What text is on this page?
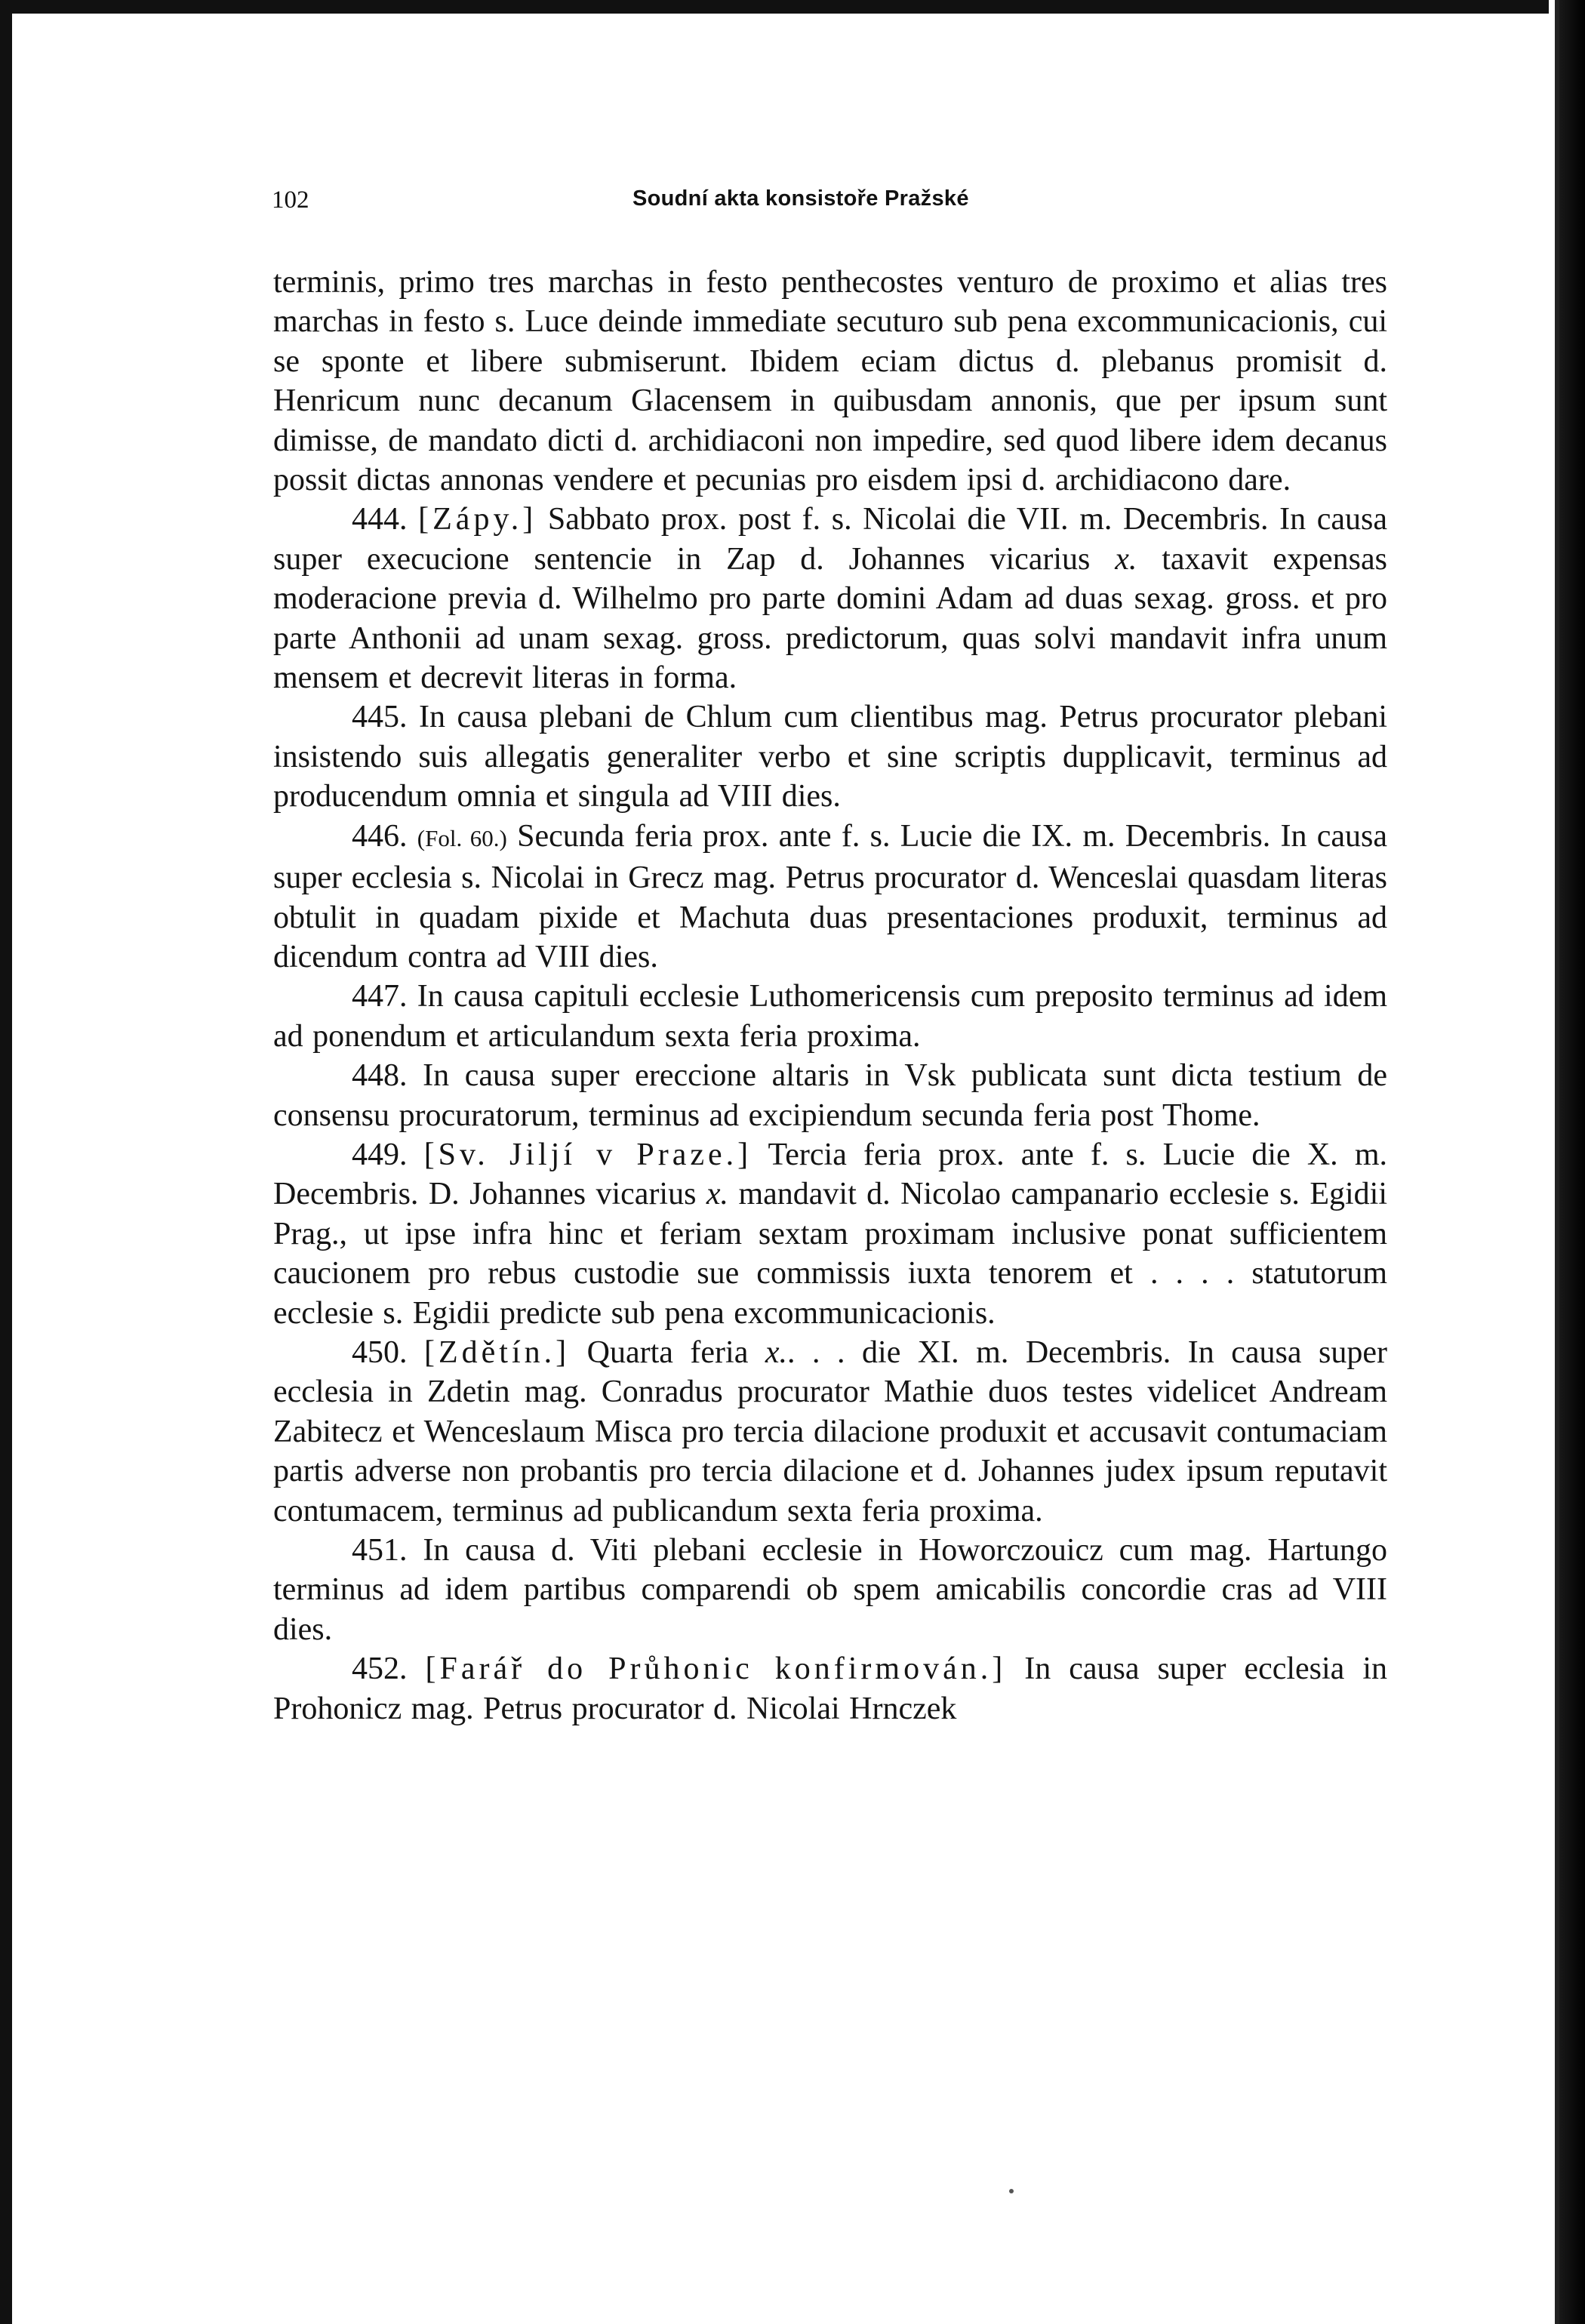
102	Soudní akta konsistoře Pražské

terminis, primo tres marchas in festo penthecostes venturo de proximo et alias tres marchas in festo s. Luce deinde immediate secuturo sub pena excommunicacionis, cui se sponte et libere submiserunt. Ibidem eciam dictus d. plebanus promisit d. Henricum nunc decanum Glacensem in quibusdam annonis, que per ipsum sunt dimisse, de mandato dicti d. archidiaconi non impedire, sed quod libere idem decanus possit dictas annonas vendere et pecunias pro eisdem ipsi d. archidiacono dare.

444. [Zápy.] Sabbato prox. post f. s. Nicolai die VII. m. Decembris. In causa super execucione sentencie in Zap d. Johannes vicarius x. taxavit expensas moderacione previa d. Wilhelmo pro parte domini Adam ad duas sexag. gross. et pro parte Anthonii ad unam sexag. gross. predictorum, quas solvi mandavit infra unum mensem et decrevit literas in forma.

445. In causa plebani de Chlum cum clientibus mag. Petrus procurator plebani insistendo suis allegatis generaliter verbo et sine scriptis dupplicavit, terminus ad producendum omnia et singula ad VIII dies.

446. (Fol. 60.) Secunda feria prox. ante f. s. Lucie die IX. m. Decembris. In causa super ecclesia s. Nicolai in Grecz mag. Petrus procurator d. Wenceslai quasdam literas obtulit in quadam pixide et Machuta duas presentaciones produxit, terminus ad dicendum contra ad VIII dies.

447. In causa capituli ecclesie Luthomericensis cum preposito terminus ad idem ad ponendum et articulandum sexta feria proxima.

448. In causa super ereccione altaris in Vsk publicata sunt dicta testium de consensu procuratorum, terminus ad excipiendum secunda feria post Thome.

449. [Sv. Jiljí v Praze.] Tercia feria prox. ante f. s. Lucie die X. m. Decembris. D. Johannes vicarius x. mandavit d. Nicolao campanario ecclesie s. Egidii Prag., ut ipse infra hinc et feriam sextam proximam inclusive ponat sufficientem caucionem pro rebus custodie sue commissis iuxta tenorem et . . . . statutorum ecclesie s. Egidii predicte sub pena excommunicacionis.

450. [Zdětín.] Quarta feria x.. . . die XI. m. Decembris. In causa super ecclesia in Zdetin mag. Conradus procurator Mathie duos testes videlicet Andream Zabitecz et Wenceslaum Misca pro tercia dilacione produxit et accusavit contumaciam partis adverse non probantis pro tercia dilacione et d. Johannes judex ipsum reputavit contumacem, terminus ad publicandum sexta feria proxima.

451. In causa d. Viti plebani ecclesie in Howorczouicz cum mag. Hartungo terminus ad idem partibus comparendi ob spem amicabilis concordie cras ad VIII dies.

452. [Farář do Průhonic konfirmován.] In causa super ecclesia in Prohonicz mag. Petrus procurator d. Nicolai Hrnczek
